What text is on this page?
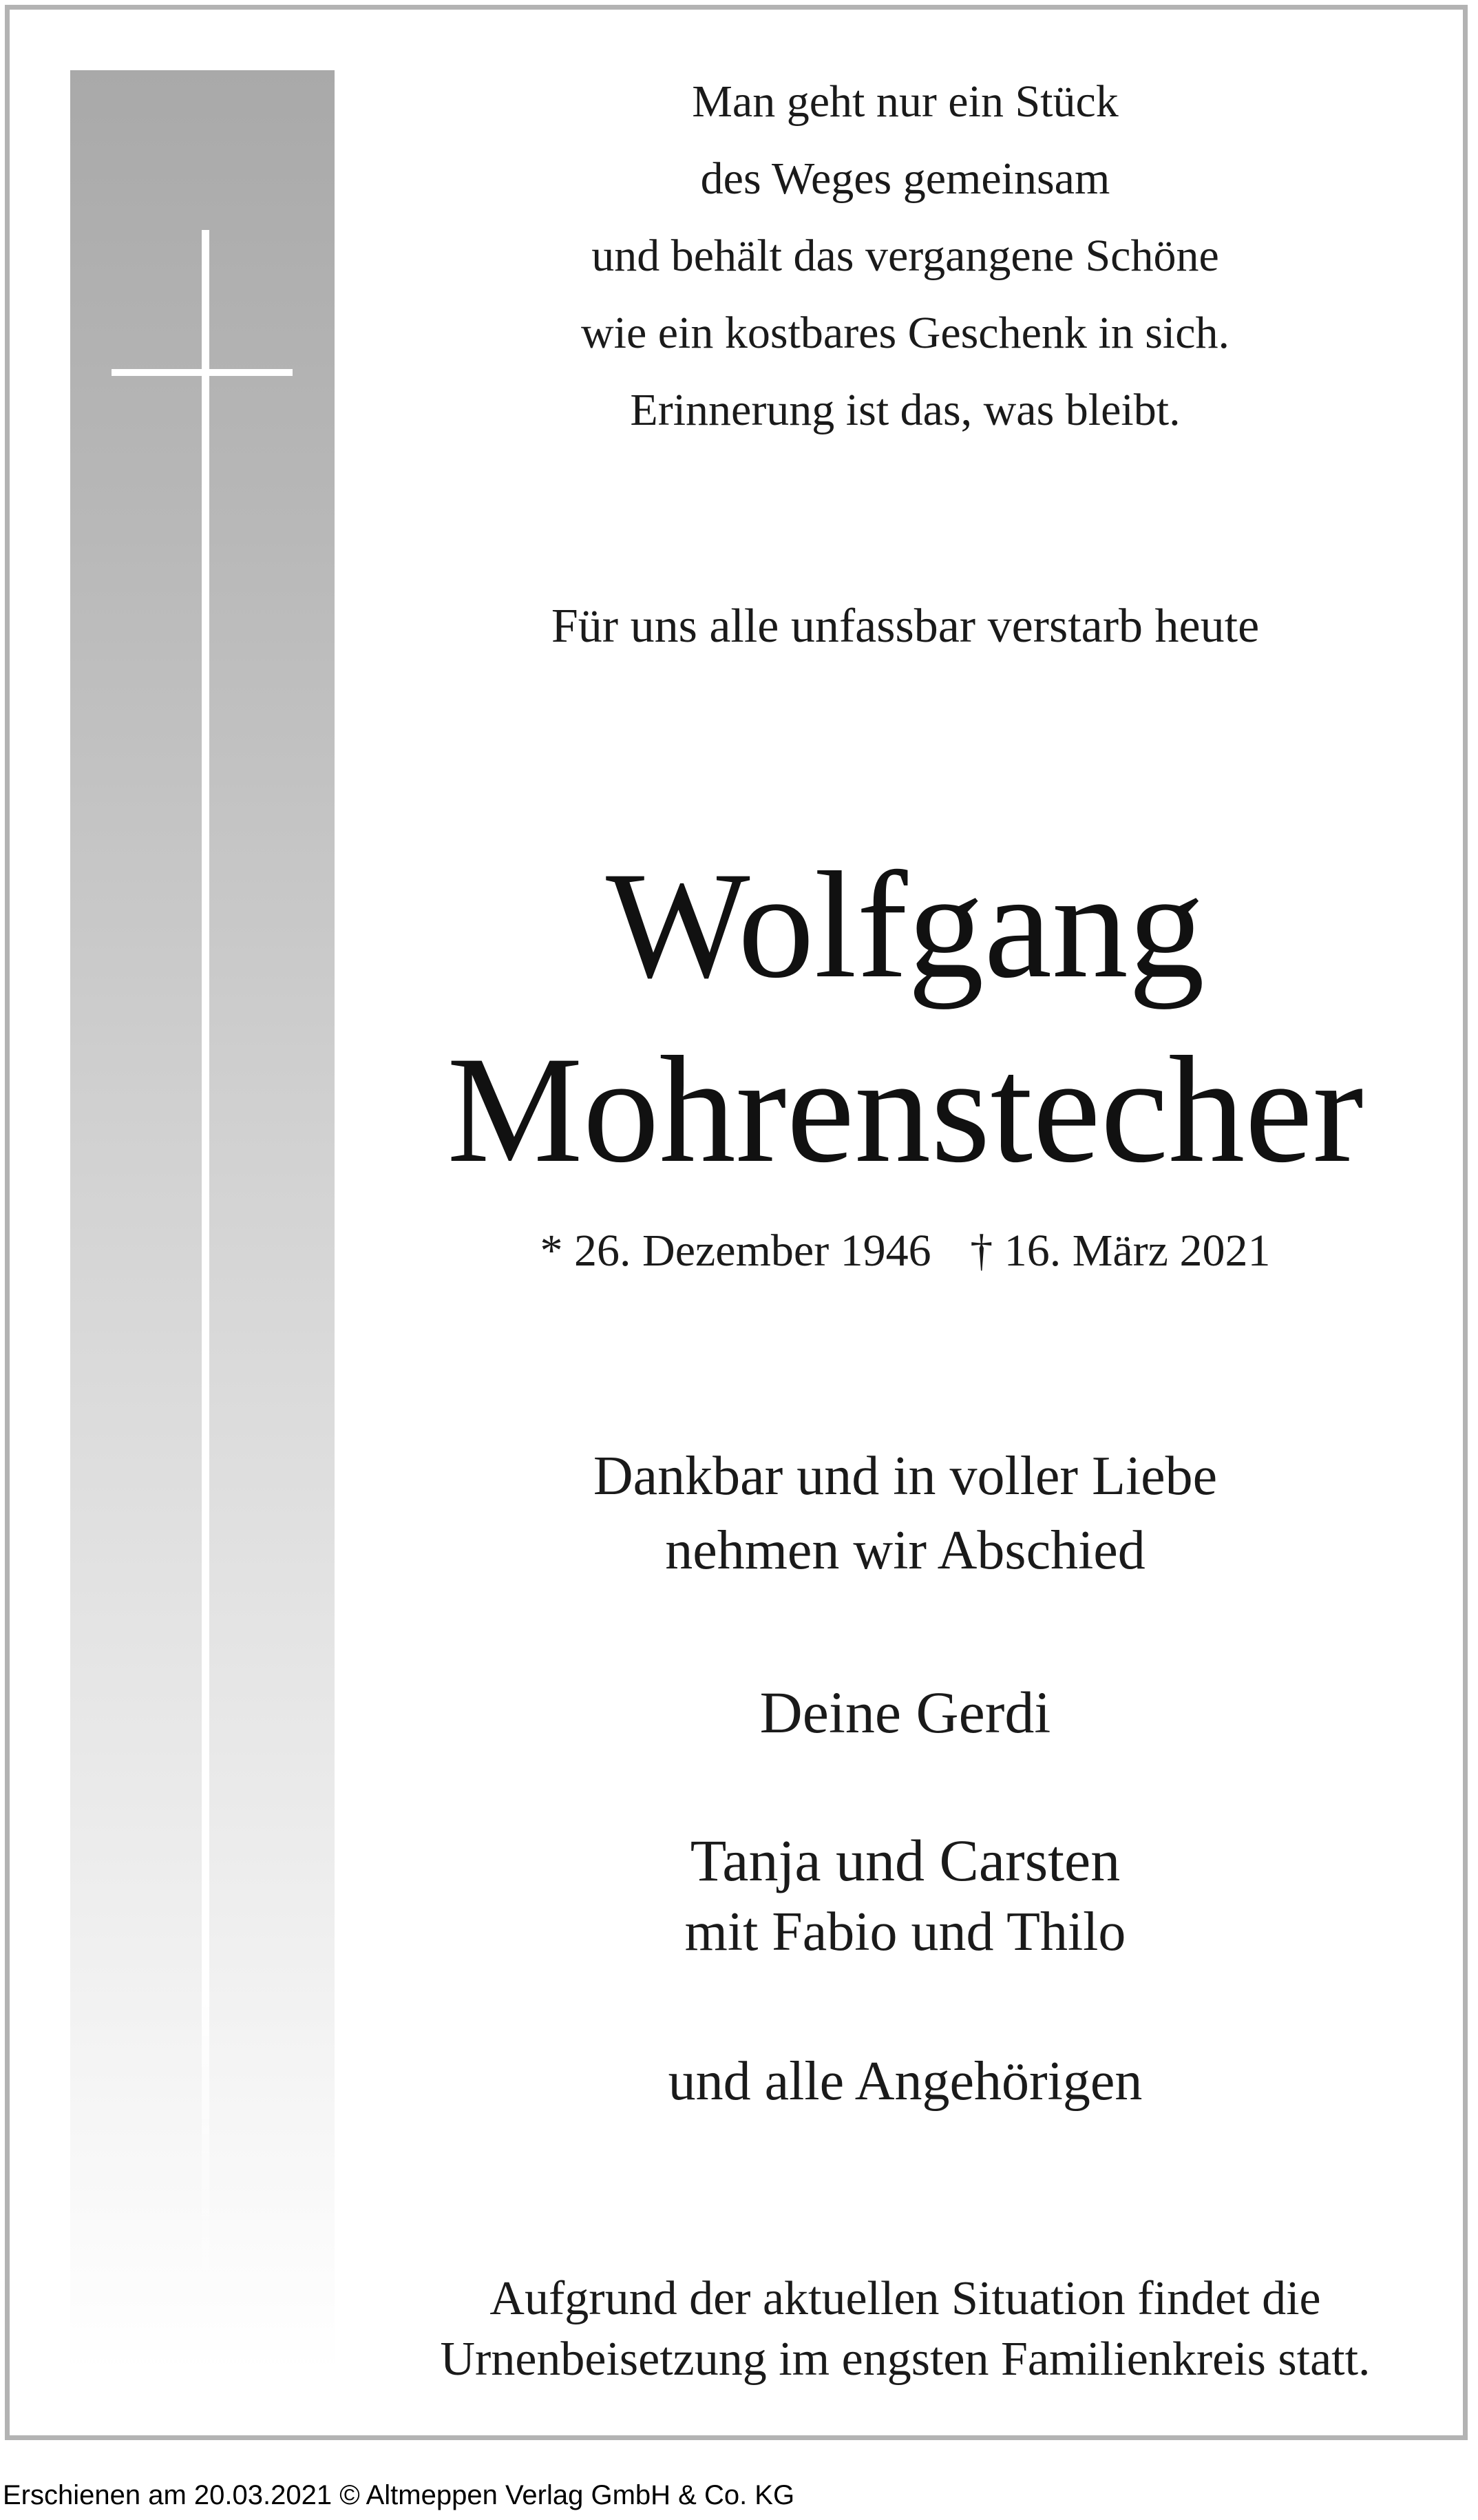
Man geht nur ein Stück
des Weges gemeinsam
und behält das vergangene Schöne
wie ein kostbares Geschenk in sich.
Erinnerung ist das, was bleibt.

Für uns alle unfassbar verstarb heute

Wolfgang
Mohrenstecher
* 26. Dezember 1946 † 16. März 2021
Dankbar und in voller Liebe
nehmen wir Abschied
Deine Gerdi
Tanja und Carsten
mit Fabio und Thilo
und alle Angehörigen
Aufgrund der aktuellen Situation findet die
Urnenbeisetzung im engsten Familienkreis statt.
Erschienen am 20.03.2021 © Altmeppen Verlag GmbH & Co. KG
